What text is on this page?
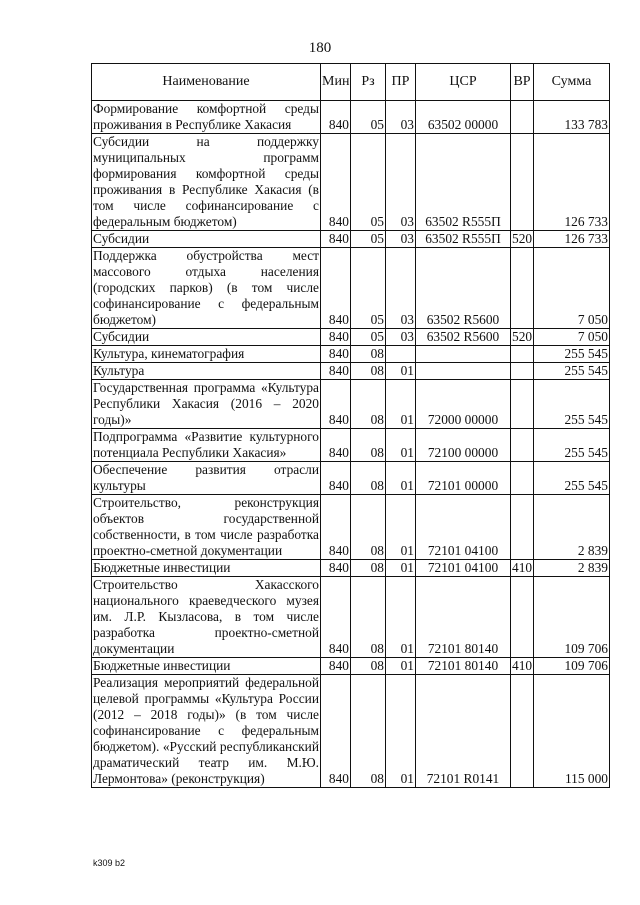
180
Наименование	Мин	Рз	ПР	ЦСР	ВР	Сумма
Формирование комфортной среды проживания в Республике Хакасия	840	05	03	63502 00000		133 783
Субсидии на поддержку муниципальных программ формирования комфортной среды проживания в Республике Хакасия (в том числе софинансирование с федеральным бюджетом)	840	05	03	63502 R555П		126 733
Субсидии	840	05	03	63502 R555П	520	126 733
Поддержка обустройства мест массового отдыха населения (городских парков) (в том числе софинансирование с федеральным бюджетом)	840	05	03	63502 R5600		7 050
Субсидии	840	05	03	63502 R5600	520	7 050
Культура, кинематография	840	08				255 545
Культура	840	08	01			255 545
Государственная программа «Культура Республики Хакасия (2016 – 2020 годы)»	840	08	01	72000 00000		255 545
Подпрограмма «Развитие культурного потенциала Республики Хакасия»	840	08	01	72100 00000		255 545
Обеспечение развития отрасли культуры	840	08	01	72101 00000		255 545
Строительство, реконструкция объектов государственной собственности, в том числе разработка проектно-сметной документации	840	08	01	72101 04100		2 839
Бюджетные инвестиции	840	08	01	72101 04100	410	2 839
Строительство Хакасского национального краеведческого музея им. Л.Р. Кызласова, в том числе разработка проектно-сметной документации	840	08	01	72101 80140		109 706
Бюджетные инвестиции	840	08	01	72101 80140	410	109 706
Реализация мероприятий федеральной целевой программы «Культура России (2012 – 2018 годы)» (в том числе софинансирование с федеральным бюджетом). «Русский республиканский драматический театр им. М.Ю. Лермонтова» (реконструкция)	840	08	01	72101 R0141		115 000
k309 b2
